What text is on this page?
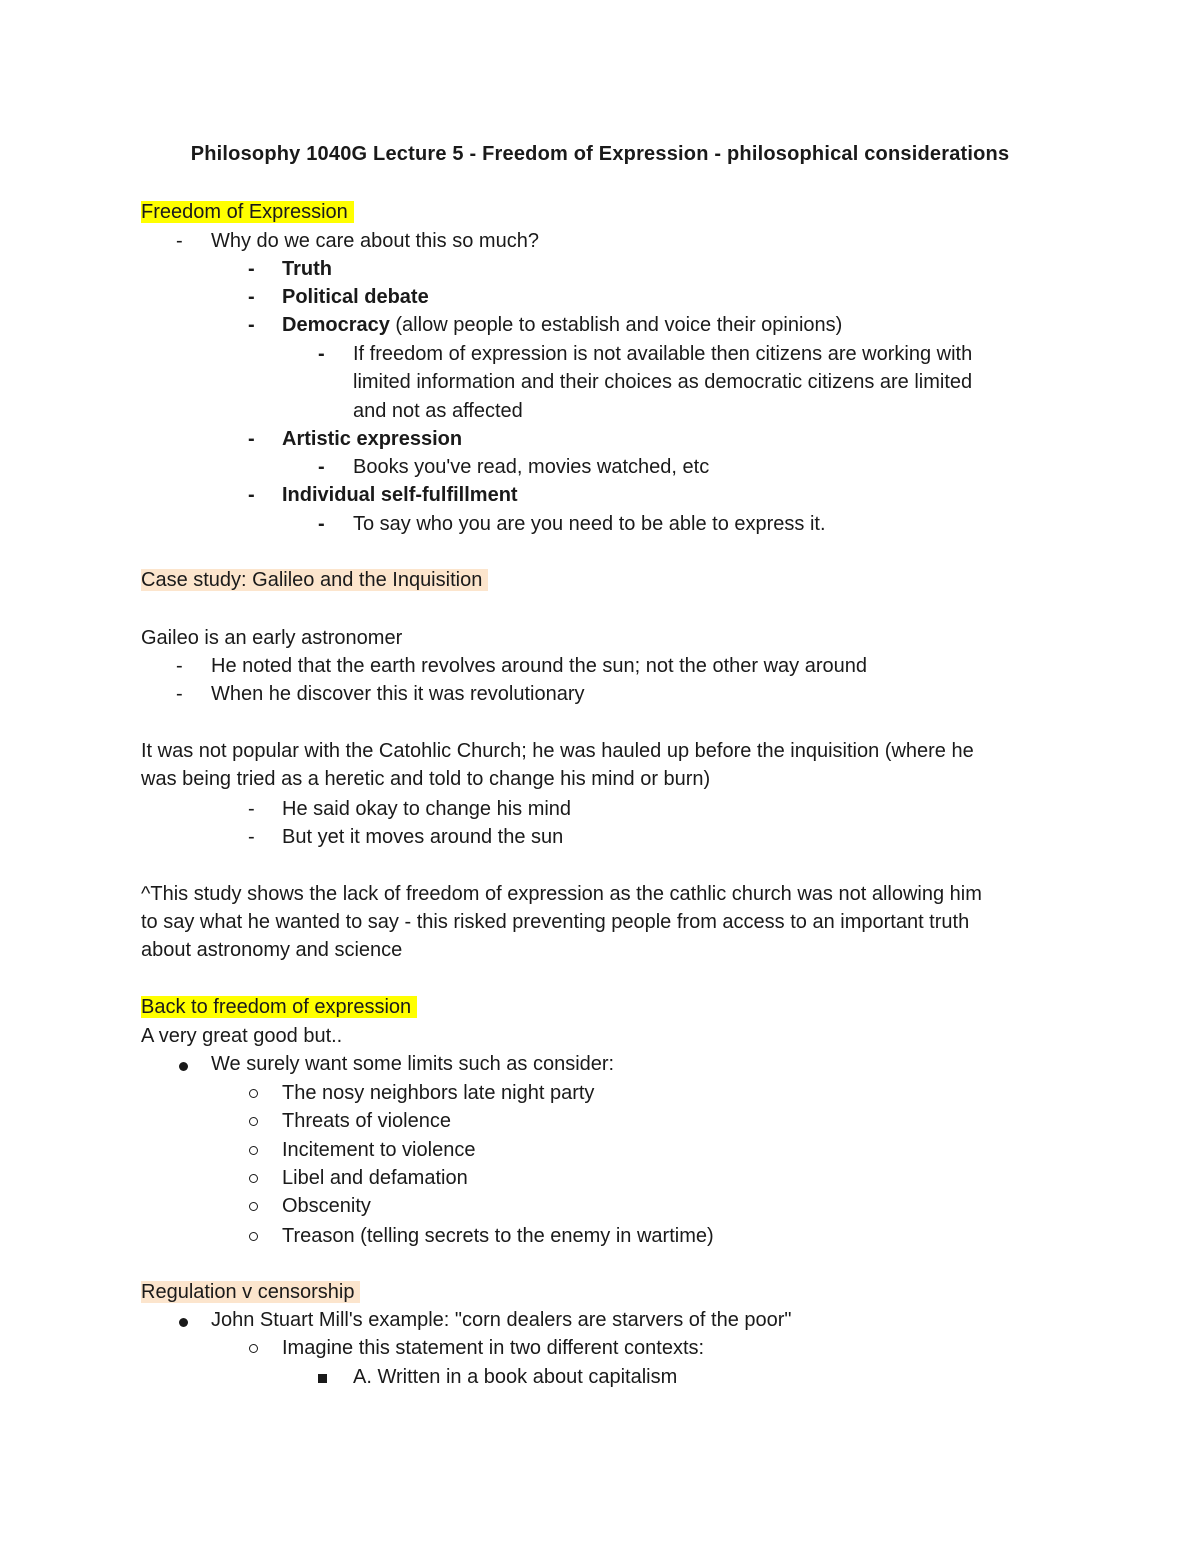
Philosophy 1040G Lecture 5 - Freedom of Expression - philosophical considerations
Freedom of Expression
- Why do we care about this so much?
- Truth
- Political debate
- Democracy (allow people to establish and voice their opinions)
- If freedom of expression is not available then citizens are working with
limited information and their choices as democratic citizens are limited
and not as affected
- Artistic expression
- Books you've read, movies watched, etc
- Individual self-fulfillment
- To say who you are you need to be able to express it.
Case study: Galileo and the Inquisition
Gaileo is an early astronomer
- He noted that the earth revolves around the sun; not the other way around
- When he discover this it was revolutionary
It was not popular with the Catohlic Church; he was hauled up before the inquisition (where he
was being tried as a heretic and told to change his mind or burn)
- He said okay to change his mind
- But yet it moves around the sun
^This study shows the lack of freedom of expression as the cathlic church was not allowing him
to say what he wanted to say - this risked preventing people from access to an important truth
about astronomy and science
Back to freedom of expression
A very great good but..
We surely want some limits such as consider:
The nosy neighbors late night party
Threats of violence
Incitement to violence
Libel and defamation
Obscenity
Treason (telling secrets to the enemy in wartime)
Regulation v censorship
John Stuart Mill's example: "corn dealers are starvers of the poor"
Imagine this statement in two different contexts:
A. Written in a book about capitalism
